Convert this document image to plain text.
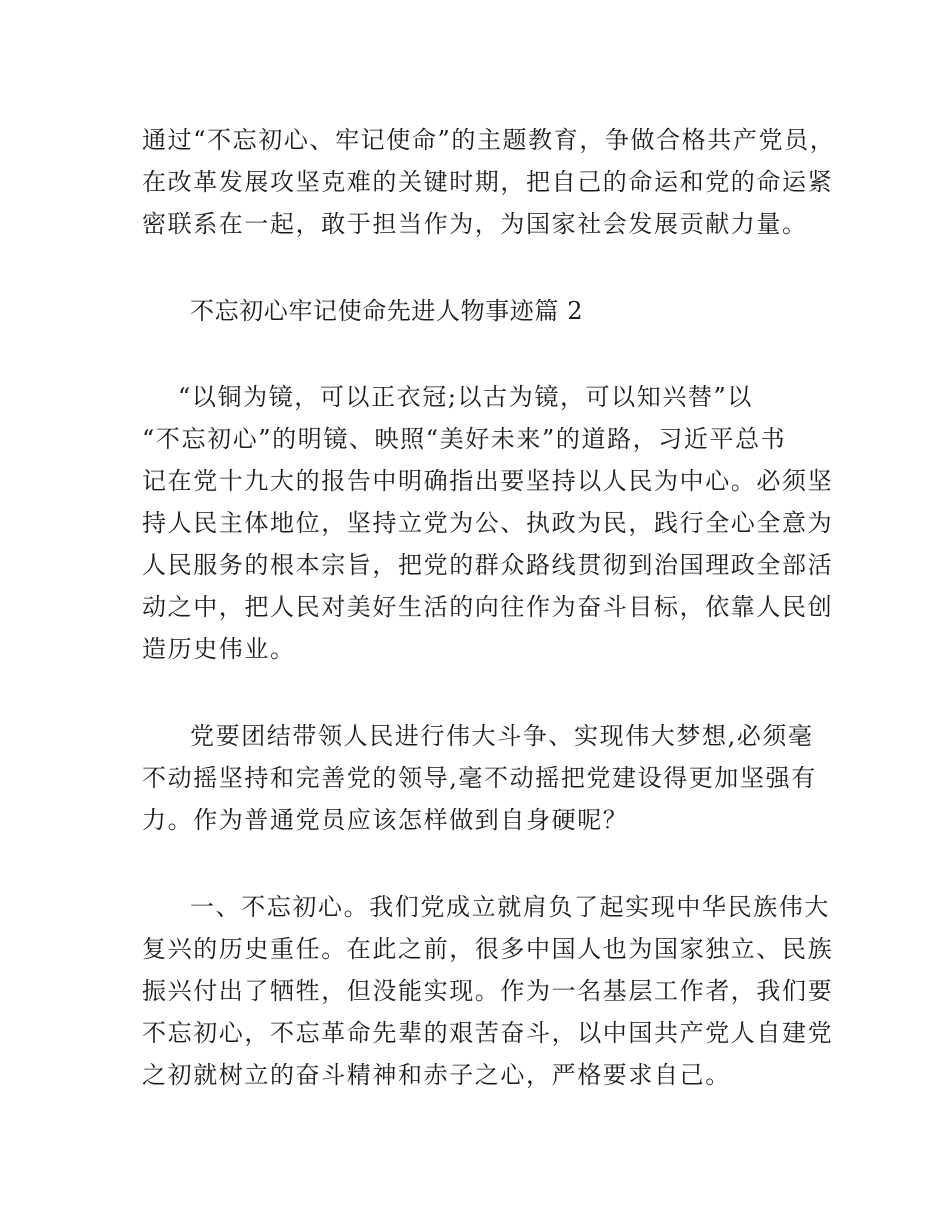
通过“不忘初心、牢记使命”的主题教育，争做合格共产党员，
在改革发展攻坚克难的关键时期，把自己的命运和党的命运紧
密联系在一起，敢于担当作为，为国家社会发展贡献力量。
不忘初心牢记使命先进人物事迹篇 2
“以铜为镜，可以正衣冠;以古为镜，可以知兴替”以
“不忘初心”的明镜、映照“美好未来”的道路，习近平总书
记在党十九大的报告中明确指出要坚持以人民为中心。必须坚
持人民主体地位，坚持立党为公、执政为民，践行全心全意为
人民服务的根本宗旨，把党的群众路线贯彻到治国理政全部活
动之中，把人民对美好生活的向往作为奋斗目标，依靠人民创
造历史伟业。
党要团结带领人民进行伟大斗争、实现伟大梦想,必须毫
不动摇坚持和完善党的领导,毫不动摇把党建设得更加坚强有
力。作为普通党员应该怎样做到自身硬呢？
一、不忘初心。我们党成立就肩负了起实现中华民族伟大
复兴的历史重任。在此之前，很多中国人也为国家独立、民族
振兴付出了牺牲，但没能实现。作为一名基层工作者，我们要
不忘初心，不忘革命先辈的艰苦奋斗，以中国共产党人自建党
之初就树立的奋斗精神和赤子之心，严格要求自己。
